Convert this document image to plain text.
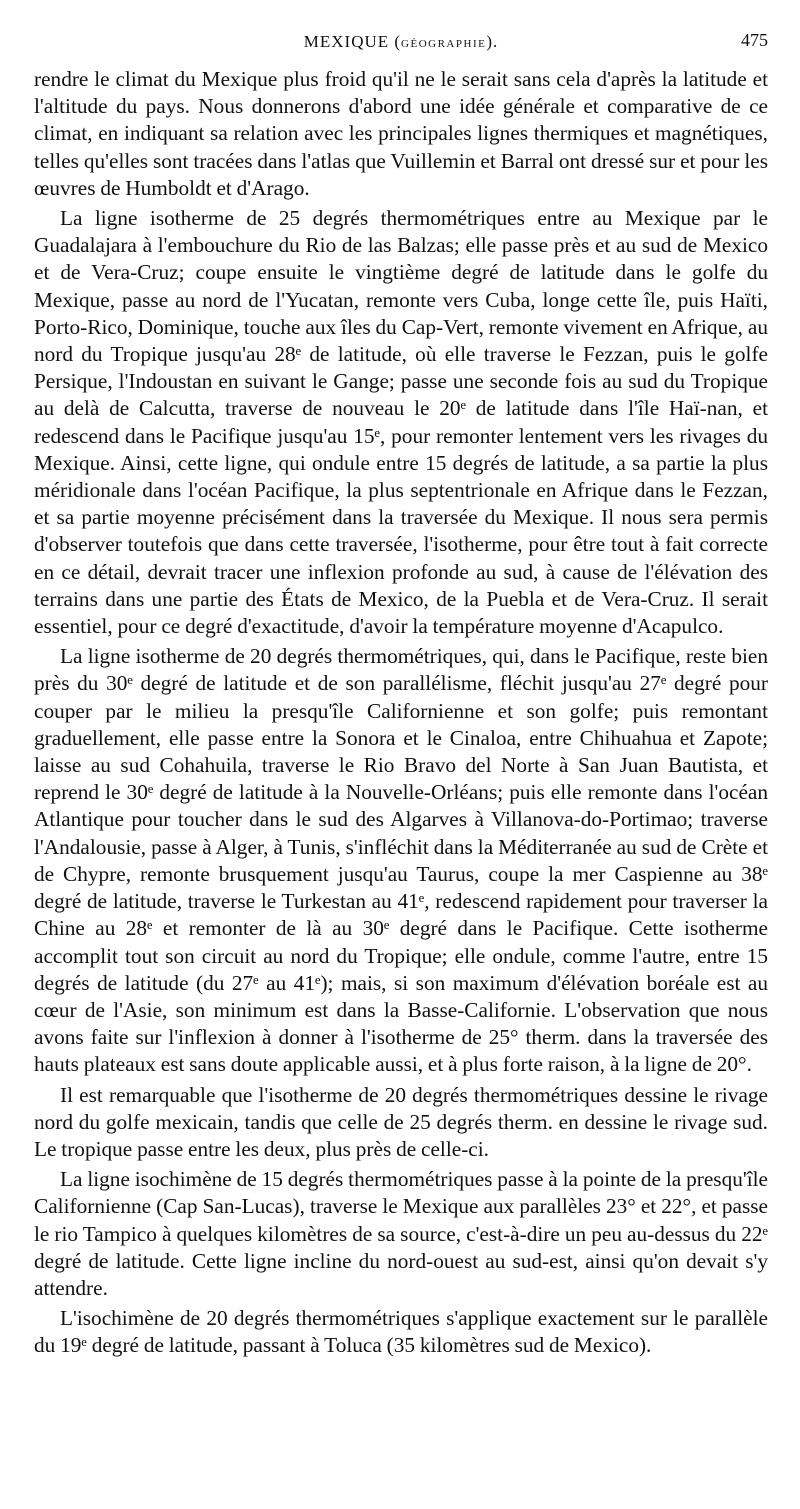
MEXIQUE (GÉOGRAPHIE).	475

rendre le climat du Mexique plus froid qu'il ne le serait sans cela d'après la latitude et l'altitude du pays. Nous donnerons d'abord une idée générale et comparative de ce climat, en indiquant sa relation avec les principales lignes thermiques et magnétiques, telles qu'elles sont tracées dans l'atlas que Vuillemin et Barral ont dressé sur et pour les œuvres de Humboldt et d'Arago.

La ligne isotherme de 25 degrés thermométriques entre au Mexique par le Guadalajara à l'embouchure du Rio de las Balzas; elle passe près et au sud de Mexico et de Vera-Cruz; coupe ensuite le vingtième degré de latitude dans le golfe du Mexique, passe au nord de l'Yucatan, remonte vers Cuba, longe cette île, puis Haïti, Porto-Rico, Dominique, touche aux îles du Cap-Vert, remonte vivement en Afrique, au nord du Tropique jusqu'au 28ᵉ de latitude, où elle traverse le Fezzan, puis le golfe Persique, l'Indoustan en suivant le Gange; passe une seconde fois au sud du Tropique au delà de Calcutta, traverse de nouveau le 20ᵉ de latitude dans l'île Haï-nan, et redescend dans le Pacifique jusqu'au 15ᵉ, pour remonter lentement vers les rivages du Mexique. Ainsi, cette ligne, qui ondule entre 15 degrés de latitude, a sa partie la plus méridionale dans l'océan Pacifique, la plus septentrionale en Afrique dans le Fezzan, et sa partie moyenne précisément dans la traversée du Mexique. Il nous sera permis d'observer toutefois que dans cette traversée, l'isotherme, pour être tout à fait correcte en ce détail, devrait tracer une inflexion profonde au sud, à cause de l'élévation des terrains dans une partie des États de Mexico, de la Puebla et de Vera-Cruz. Il serait essentiel, pour ce degré d'exactitude, d'avoir la température moyenne d'Acapulco.

La ligne isotherme de 20 degrés thermométriques, qui, dans le Pacifique, reste bien près du 30ᵉ degré de latitude et de son parallélisme, fléchit jusqu'au 27ᵉ degré pour couper par le milieu la presqu'île Californienne et son golfe; puis remontant graduellement, elle passe entre la Sonora et le Cinaloa, entre Chihuahua et Zapote; laisse au sud Cohahuila, traverse le Rio Bravo del Norte à San Juan Bautista, et reprend le 30ᵉ degré de latitude à la Nouvelle-Orléans; puis elle remonte dans l'océan Atlantique pour toucher dans le sud des Algarves à Villanova-do-Portimao; traverse l'Andalousie, passe à Alger, à Tunis, s'infléchit dans la Méditerranée au sud de Crète et de Chypre, remonte brusquement jusqu'au Taurus, coupe la mer Caspienne au 38ᵉ degré de latitude, traverse le Turkestan au 41ᵉ, redescend rapidement pour traverser la Chine au 28ᵉ et remonter de là au 30ᵉ degré dans le Pacifique. Cette isotherme accomplit tout son circuit au nord du Tropique; elle ondule, comme l'autre, entre 15 degrés de latitude (du 27ᵉ au 41ᵉ); mais, si son maximum d'élévation boréale est au cœur de l'Asie, son minimum est dans la Basse-Californie. L'observation que nous avons faite sur l'inflexion à donner à l'isotherme de 25° therm. dans la traversée des hauts plateaux est sans doute applicable aussi, et à plus forte raison, à la ligne de 20°.

Il est remarquable que l'isotherme de 20 degrés thermométriques dessine le rivage nord du golfe mexicain, tandis que celle de 25 degrés therm. en dessine le rivage sud. Le tropique passe entre les deux, plus près de celle-ci.

La ligne isochimène de 15 degrés thermométriques passe à la pointe de la presqu'île Californienne (Cap San-Lucas), traverse le Mexique aux parallèles 23° et 22°, et passe le rio Tampico à quelques kilomètres de sa source, c'est-à-dire un peu au-dessus du 22ᵉ degré de latitude. Cette ligne incline du nord-ouest au sud-est, ainsi qu'on devait s'y attendre.

L'isochimène de 20 degrés thermométriques s'applique exactement sur le parallèle du 19ᵉ degré de latitude, passant à Toluca (35 kilomètres sud de Mexico).
